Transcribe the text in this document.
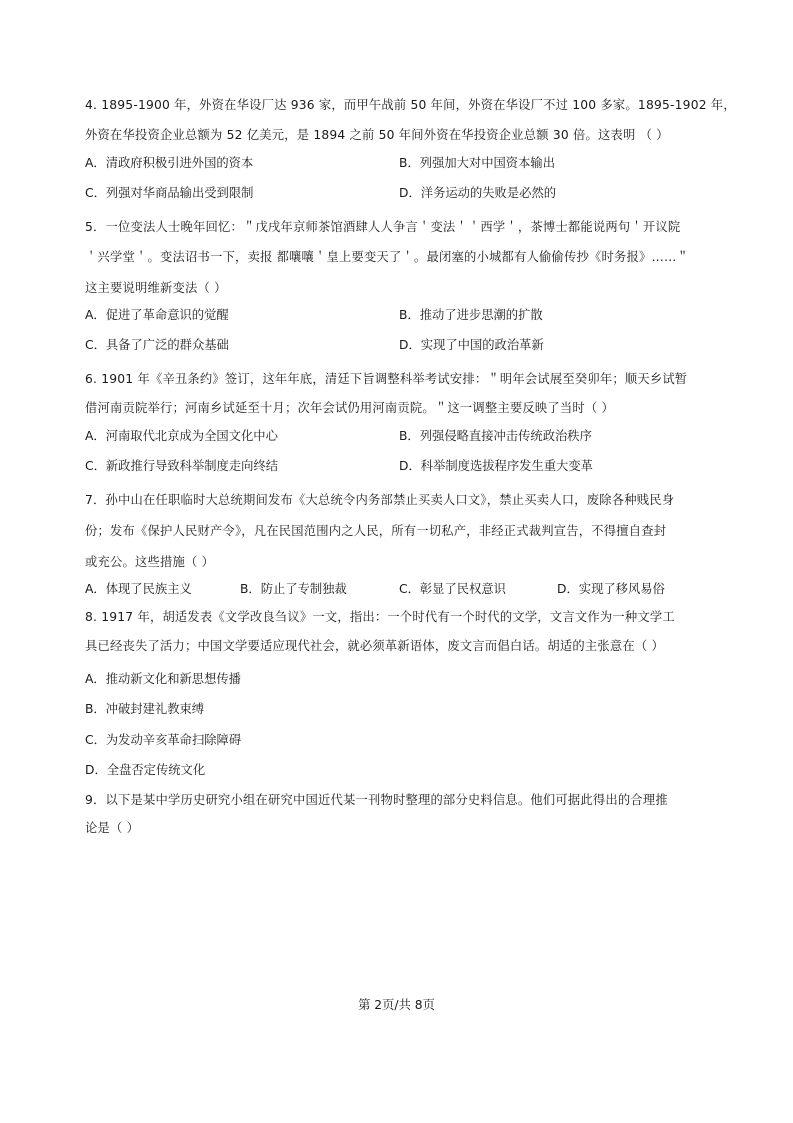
4. 1895-1900 年，外资在华设厂达 936 家，而甲午战前 50 年间，外资在华设厂不过 100 多家。1895-1902 年，
外资在华投资企业总额为 52 亿美元，是 1894 之前 50 年间外资在华投资企业总额 30 倍。这表明 （ ）
A．清政府积极引进外国的资本	B．列强加大对中国资本输出
C．列强对华商品输出受到限制	D．洋务运动的失败是必然的
5．一位变法人士晚年回忆：＂戊戌年京师茶馆酒肆人人争言＇变法＇＇西学＇，茶博士都能说两句＇开议院
＇兴学堂＇。变法诏书一下，卖报 都嚷嚷＇皇上要变天了＇。最闭塞的小城都有人偷偷传抄《时务报》……＂
这主要说明维新变法（ ）
A．促进了革命意识的觉醒	B．推动了进步思潮的扩散
C．具备了广泛的群众基础	D．实现了中国的政治革新
6. 1901 年《辛丑条约》签订，这年年底，清廷下旨调整科举考试安排：＂明年会试展至癸卯年；顺天乡试暂
借河南贡院举行；河南乡试延至十月；次年会试仍用河南贡院。＂这一调整主要反映了当时（ ）
A．河南取代北京成为全国文化中心	B．列强侵略直接冲击传统政治秩序
C．新政推行导致科举制度走向终结	D．科举制度选拔程序发生重大变革
7．孙中山在任职临时大总统期间发布《大总统令内务部禁止买卖人口文》，禁止买卖人口，废除各种贱民身
份；发布《保护人民财产令》，凡在民国范围内之人民，所有一切私产，非经正式裁判宣告，不得擅自查封
或充公。这些措施（ ）
A．体现了民族主义	B．防止了专制独裁	C．彰显了民权意识	D．实现了移风易俗
8. 1917 年，胡适发表《文学改良刍议》一文，指出：一个时代有一个时代的文学，文言文作为一种文学工
具已经丧失了活力；中国文学要适应现代社会，就必须革新语体，废文言而倡白话。胡适的主张意在（ ）
A．推动新文化和新思想传播
B．冲破封建礼教束缚
C．为发动辛亥革命扫除障碍
D．全盘否定传统文化
9．以下是某中学历史研究小组在研究中国近代某一刊物时整理的部分史料信息。他们可据此得出的合理推
论是（ ）
第 2页/共 8页
